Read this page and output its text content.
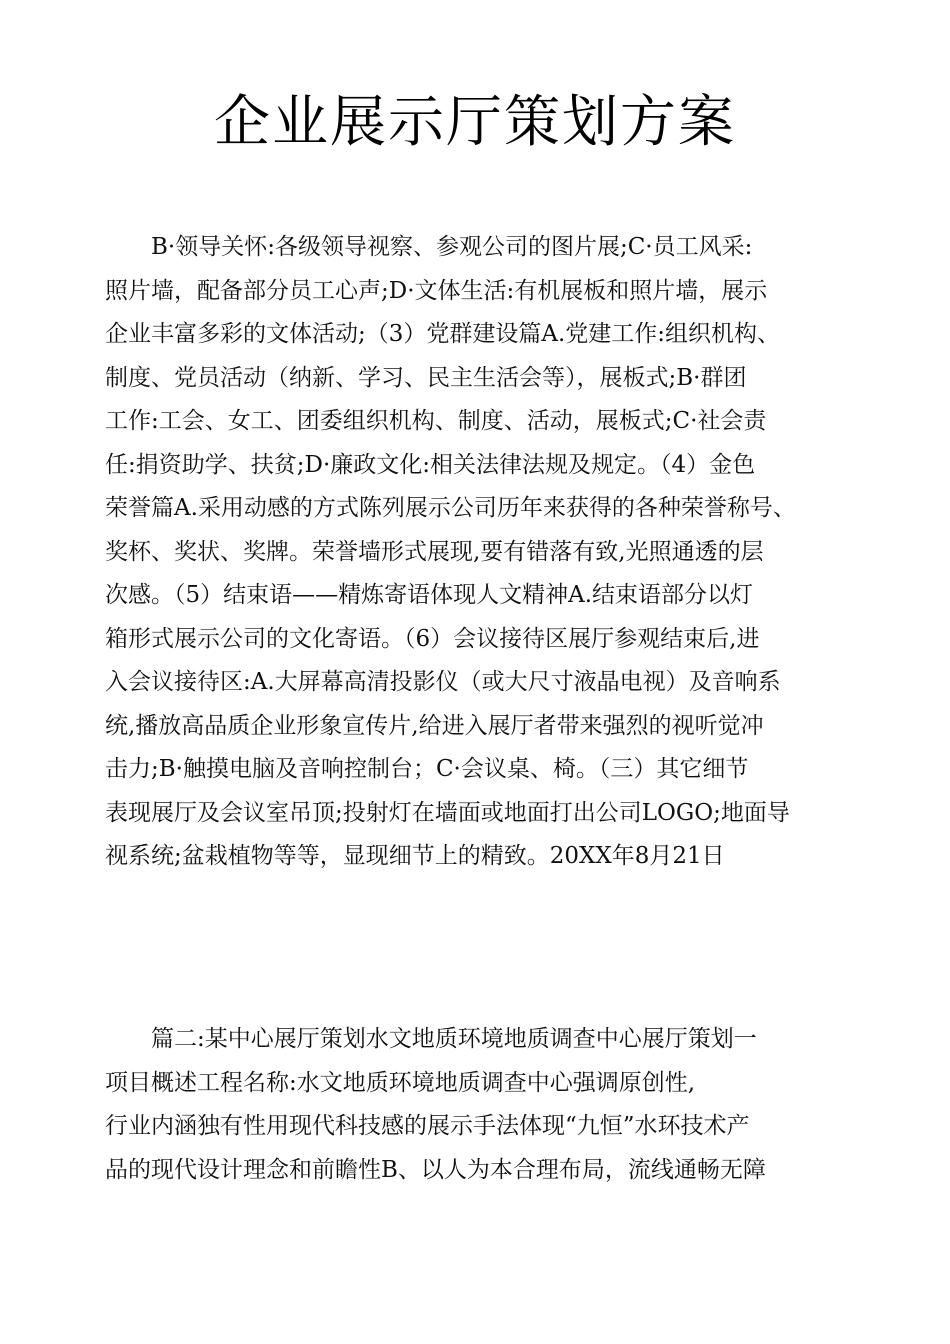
企业展示厅策划方案
　　B·领导关怀:各级领导视察、参观公司的图片展;C·员工风采:
照片墙，配备部分员工心声;D·文体生活:有机展板和照片墙，展示
企业丰富多彩的文体活动;（3）党群建设篇A.党建工作:组织机构、
制度、党员活动（纳新、学习、民主生活会等），展板式;B·群团
工作:工会、女工、团委组织机构、制度、活动，展板式;C·社会责
任:捐资助学、扶贫;D·廉政文化:相关法律法规及规定。（4）金色
荣誉篇A.采用动感的方式陈列展示公司历年来获得的各种荣誉称号、
奖杯、奖状、奖牌。荣誉墙形式展现,要有错落有致,光照通透的层
次感。（5）结束语——精炼寄语体现人文精神A.结束语部分以灯
箱形式展示公司的文化寄语。（6）会议接待区展厅参观结束后,进
入会议接待区:A.大屏幕高清投影仪（或大尺寸液晶电视）及音响系
统,播放高品质企业形象宣传片,给进入展厅者带来强烈的视听觉冲
击力;B·触摸电脑及音响控制台；C·会议桌、椅。（三）其它细节
表现展厅及会议室吊顶;投射灯在墙面或地面打出公司LOGO;地面导
视系统;盆栽植物等等，显现细节上的精致。20XX年8月21日
　　篇二:某中心展厅策划水文地质环境地质调查中心展厅策划一
项目概述工程名称:水文地质环境地质调查中心强调原创性,
行业内涵独有性用现代科技感的展示手法体现“九恒”水环技术产
品的现代设计理念和前瞻性B、以人为本合理布局，流线通畅无障
